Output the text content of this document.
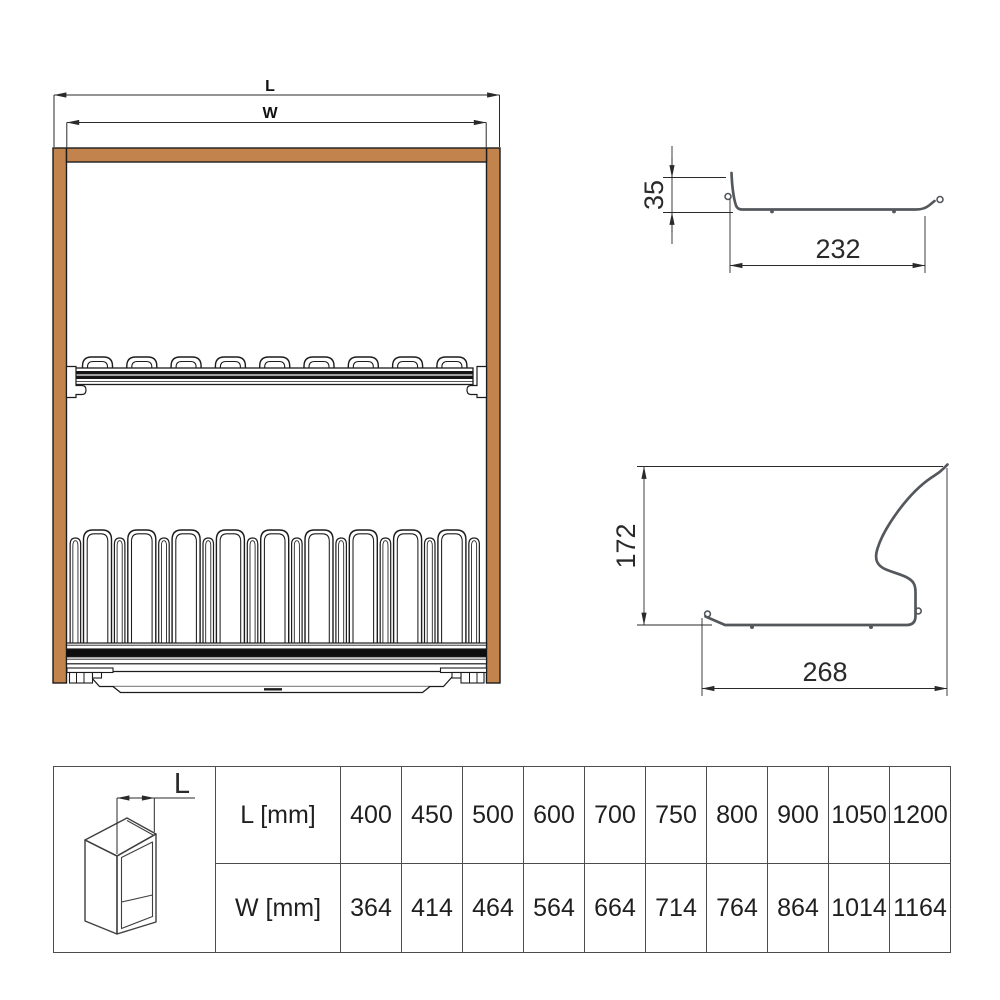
L
W
35
232
172
268
L	L [mm]	400	450	500	600	700	750	800	900	1050	1200
	W [mm]	364	414	464	564	664	714	764	864	1014	1164
